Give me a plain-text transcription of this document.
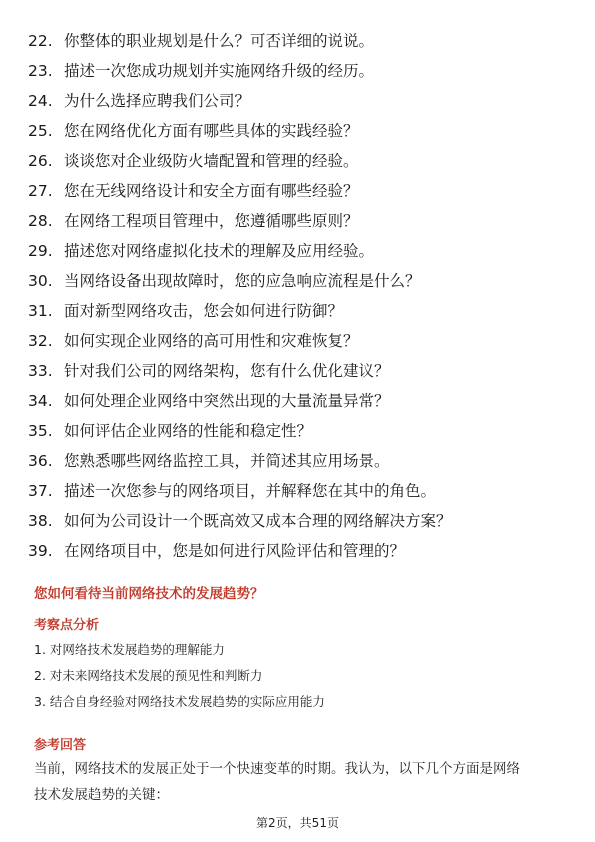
22. 你整体的职业规划是什么？可否详细的说说。
23. 描述一次您成功规划并实施网络升级的经历。
24. 为什么选择应聘我们公司？
25. 您在网络优化方面有哪些具体的实践经验？
26. 谈谈您对企业级防火墙配置和管理的经验。
27. 您在无线网络设计和安全方面有哪些经验？
28. 在网络工程项目管理中，您遵循哪些原则？
29. 描述您对网络虚拟化技术的理解及应用经验。
30. 当网络设备出现故障时，您的应急响应流程是什么？
31. 面对新型网络攻击，您会如何进行防御？
32. 如何实现企业网络的高可用性和灾难恢复？
33. 针对我们公司的网络架构，您有什么优化建议？
34. 如何处理企业网络中突然出现的大量流量异常？
35. 如何评估企业网络的性能和稳定性？
36. 您熟悉哪些网络监控工具，并简述其应用场景。
37. 描述一次您参与的网络项目，并解释您在其中的角色。
38. 如何为公司设计一个既高效又成本合理的网络解决方案？
39. 在网络项目中，您是如何进行风险评估和管理的？
您如何看待当前网络技术的发展趋势？
考察点分析
1. 对网络技术发展趋势的理解能力
2. 对未来网络技术发展的预见性和判断力
3. 结合自身经验对网络技术发展趋势的实际应用能力
参考回答
当前，网络技术的发展正处于一个快速变革的时期。我认为，以下几个方面是网络
技术发展趋势的关键：
第2页，共51页
